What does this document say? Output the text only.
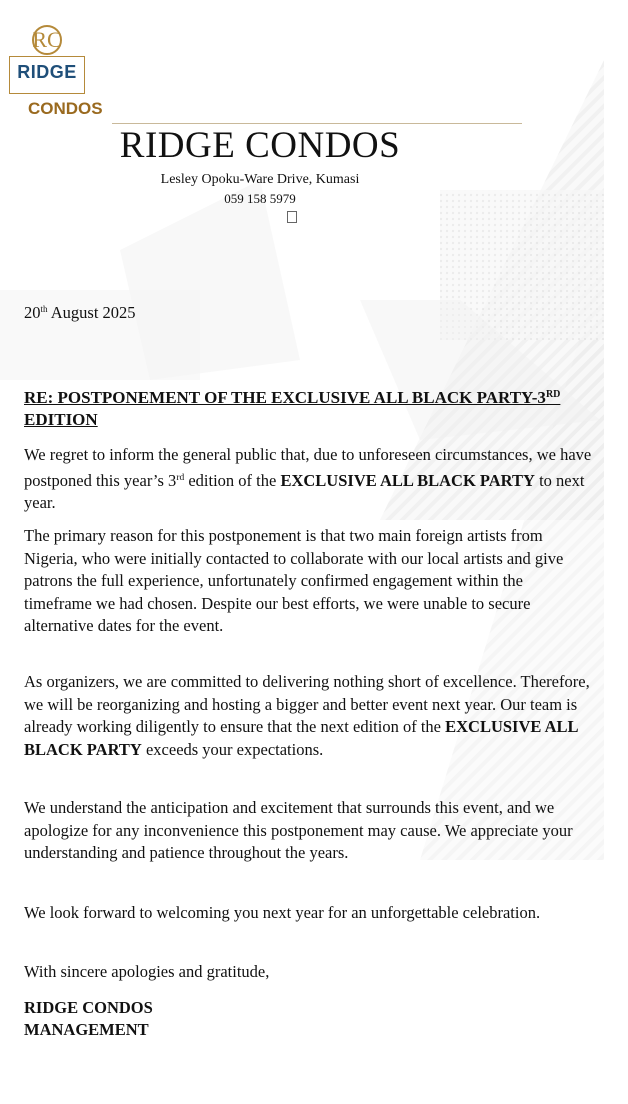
RC
RIDGE
CONDOS
RIDGE CONDOS
Lesley Opoku-Ware Drive, Kumasi
059 158 5979
20th August 2025
RE: POSTPONEMENT OF THE EXCLUSIVE ALL BLACK PARTY-3RD EDITION
We regret to inform the general public that, due to unforeseen circumstances, we have postponed this year’s 3rd edition of the EXCLUSIVE ALL BLACK PARTY to next year.
The primary reason for this postponement is that two main foreign artists from Nigeria, who were initially contacted to collaborate with our local artists and give patrons the full experience, unfortunately confirmed engagement within the timeframe we had chosen. Despite our best efforts, we were unable to secure alternative dates for the event.
As organizers, we are committed to delivering nothing short of excellence. Therefore, we will be reorganizing and hosting a bigger and better event next year. Our team is already working diligently to ensure that the next edition of the EXCLUSIVE ALL BLACK PARTY exceeds your expectations.
We understand the anticipation and excitement that surrounds this event, and we apologize for any inconvenience this postponement may cause. We appreciate your understanding and patience throughout the years.
We look forward to welcoming you next year for an unforgettable celebration.
With sincere apologies and gratitude,
RIDGE CONDOS
MANAGEMENT
